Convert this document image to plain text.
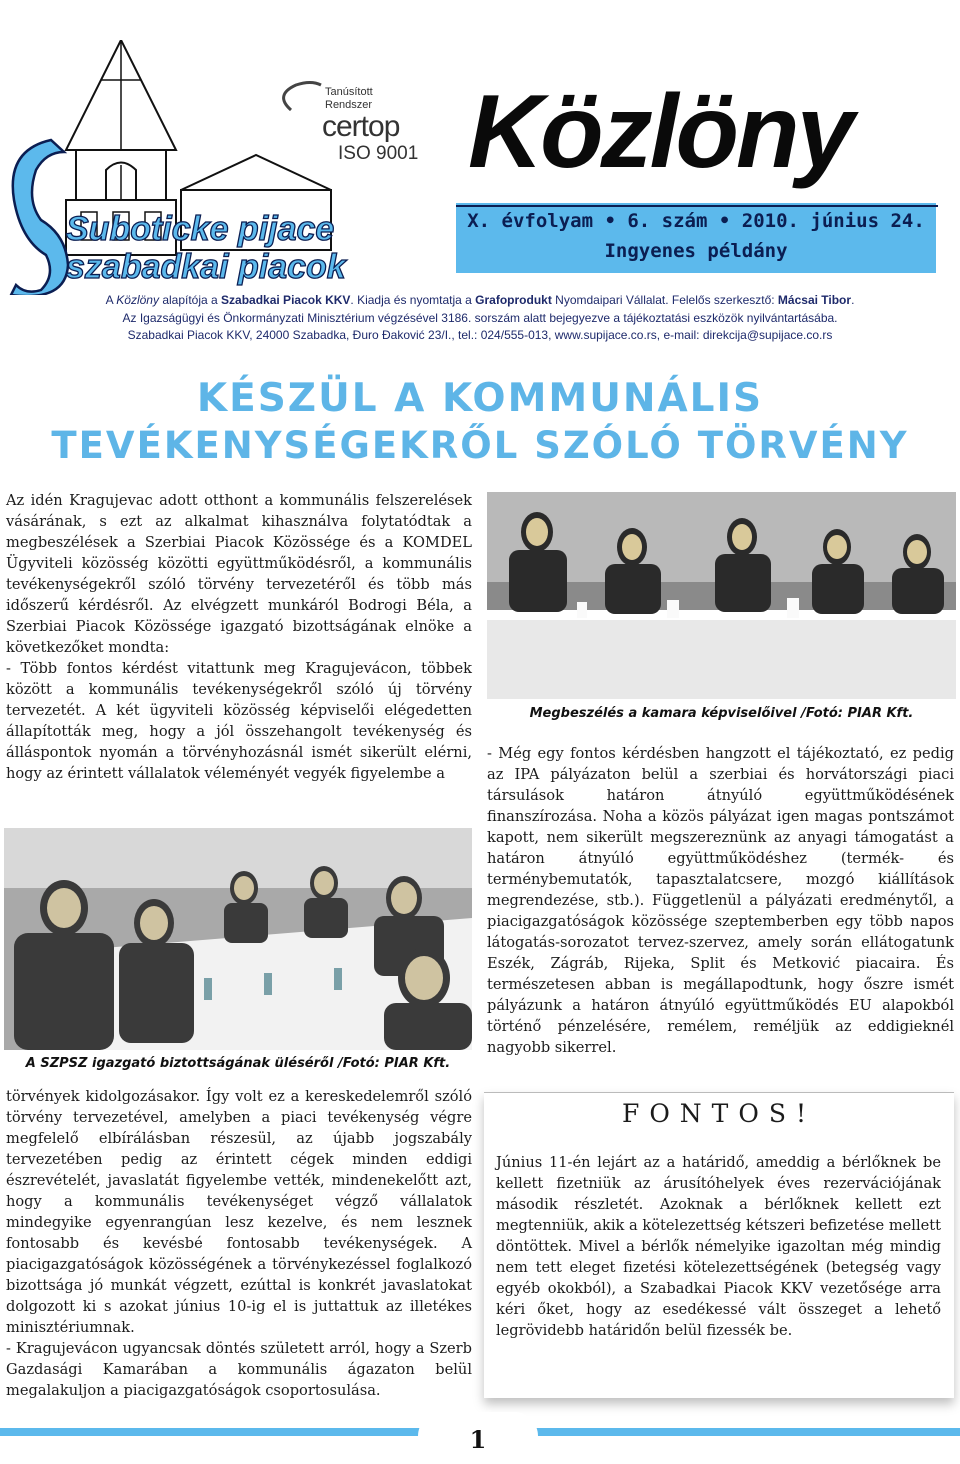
Suboticke pijace
szabadkai piacok
Tanúsított
Rendszer
certop
ISO 9001 Közlöny
X. évfolyam • 6. szám • 2010. június 24.
Ingyenes példány
A Közlöny alapítója a Szabadkai Piacok KKV. Kiadja és nyomtatja a Grafoprodukt Nyomdaipari Vállalat. Felelős szerkesztő: Mácsai Tibor.
Az Igazságügyi és Önkormányzati Minisztérium végzésével 3186. sorszám alatt bejegyezve a tájékoztatási eszközök nyilvántartásába.
Szabadkai Piacok KKV, 24000 Szabadka, Đuro Đaković 23/I., tel.: 024/555-013, www.supijace.co.rs, e-mail: direkcija@supijace.co.rs
KÉSZÜL A KOMMUNÁLIS
TEVÉKENYSÉGEKRŐL SZÓLÓ TÖRVÉNY

Az idén Kragujevac adott otthont a kommunális felszerelések vásárának, s ezt az alkalmat kihasználva folytatódtak a megbeszélések a Szerbiai Piacok Közössége és a KOMDEL Ügyviteli közösség közötti együttműködésről, a kommunális tevékenységekről szóló törvény tervezetéről és több más időszerű kérdésről. Az elvégzett munkáról Bodrogi Béla, a Szerbiai Piacok Közössége igazgató bizottságának elnöke a következőket mondta:

- Több fontos kérdést vitattunk meg Kragujevácon, többek között a kommunális tevékenységekről szóló új törvény tervezetét. A két ügyviteli közösség képviselői elégedetten állapították meg, hogy a jól összehangolt tevékenység és álláspontok nyomán a törvényhozásnál ismét sikerült elérni, hogy az érintett vállalatok véleményét vegyék figyelembe a

Megbeszélés a kamara képviselőivel /Fotó: PIAR Kft.

- Még egy fontos kérdésben hangzott el tájékoztató, ez pedig az IPA pályázaton belül a szerbiai és horvátországi piaci társulások határon átnyúló együttműködésének finanszírozása. Noha a közös pályázat igen magas pontszámot kapott, nem sikerült megszereznünk az anyagi támogatást a határon átnyúló együttműködéshez (termék- és terménybemutatók, tapasztalatcsere, mozgó kiállítások megrendezése, stb.). Függetlenül a pályázati eredménytől, a piacigazgatóságok közössége szeptemberben egy több napos látogatás-sorozatot tervez-szervez, amely során ellátogatunk Eszék, Zágráb, Rijeka, Split és Metković piacaira. És természetesen abban is megállapodtunk, hogy őszre ismét pályázunk a határon átnyúló együttműködés EU alapokból történő pénzelésére, remélem, reméljük az eddigieknél nagyobb sikerrel.

A SZPSZ igazgató biztottságának üléséről /Fotó: PIAR Kft.

törvények kidolgozásakor. Így volt ez a kereskedelemről szóló törvény tervezetével, amelyben a piaci tevékenység végre megfelelő elbírálásban részesül, az újabb jogszabály tervezetében pedig az érintett cégek minden eddigi észrevételét, javaslatát figyelembe vették, mindenekelőtt azt, hogy a kommunális tevékenységet végző vállalatok mindegyike egyenrangúan lesz kezelve, és nem lesznek fontosabb és kevésbé fontosabb tevékenységek. A piacigazgatóságok közösségének a törvénykezéssel foglalkozó bizottsága jó munkát végzett, ezúttal is konkrét javaslatokat dolgozott ki s azokat június 10-ig el is juttattuk az illetékes minisztériumnak.

- Kragujevácon ugyancsak döntés született arról, hogy a Szerb Gazdasági Kamarában a kommunális ágazaton belül megalakuljon a piacigazgatóságok csoportosulása.

FONTOS!
Június 11-én lejárt az a határidő, ameddig a bérlőknek be kellett fizetniük az árusítóhelyek éves rezervációjának második részletét. Azoknak a bérlőknek kellett ezt megtenniük, akik a kötelezettség kétszeri befizetése mellett döntöttek. Mivel a bérlők némelyike igazoltan még mindig nem tett eleget fizetési kötelezettségének (betegség vagy egyéb okokból), a Szabadkai Piacok KKV vezetősége arra kéri őket, hogy az esedékessé vált összeget a lehető legrövidebb határidőn belül fizessék be.
1
